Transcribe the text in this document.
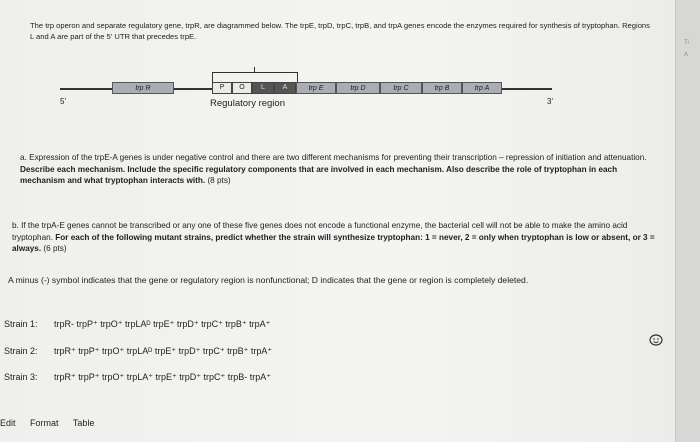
The trp operon and separate regulatory gene, trpR, are diagrammed below. The trpE, trpD, trpC, trpB, and trpA genes encode the enzymes required for synthesis of tryptophan. Regions L and A are part of the 5' UTR that precedes trpE.
trp R	P	O	L	A	trp E	trp D	trp C	trp B	trp A
5'	3'
Regulatory region
a. Expression of the trpE-A genes is under negative control and there are two different mechanisms for preventing their transcription – repression of initiation and attenuation. Describe each mechanism. Include the specific regulatory components that are involved in each mechanism. Also describe the role of tryptophan in each mechanism and what tryptophan interacts with. (8 pts)
b. If the trpA-E genes cannot be transcribed or any one of these five genes does not encode a functional enzyme, the bacterial cell will not be able to make the amino acid tryptophan. For each of the following mutant strains, predict whether the strain will synthesize tryptophan: 1 = never, 2 = only when tryptophan is low or absent, or 3 = always. (6 pts)
A minus (-) symbol indicates that the gene or regulatory region is nonfunctional; D indicates that the gene or region is completely deleted.
Strain 1: trpR- trpP⁺ trpO⁺ trpLAᴰ trpE⁺ trpD⁺ trpC⁺ trpB⁺ trpA⁺
Strain 2: trpR⁺ trpP⁺ trpO⁺ trpLAᴰ trpE⁺ trpD⁺ trpC⁺ trpB⁺ trpA⁺
Strain 3: trpR⁺ trpP⁺ trpO⁺ trpLA⁺ trpE⁺ trpD⁺ trpC⁺ trpB- trpA⁺
Edit Format Table
Ti
A
